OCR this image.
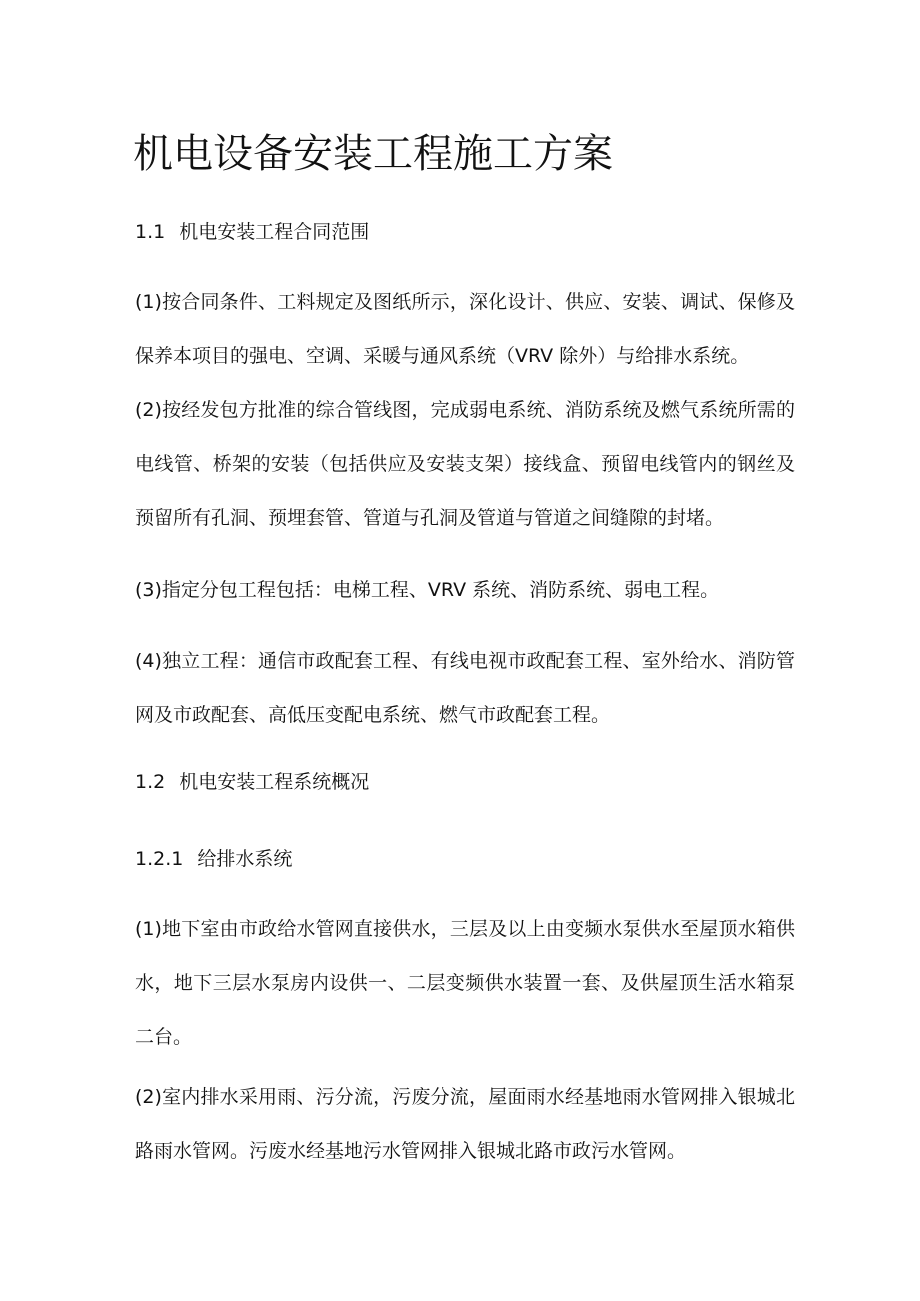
机电设备安装工程施工方案
1.1 机电安装工程合同范围

(1)按合同条件、工料规定及图纸所示，深化设计、供应、安装、调试、保修及保养本项目的强电、空调、采暖与通风系统（VRV 除外）与给排水系统。

(2)按经发包方批准的综合管线图，完成弱电系统、消防系统及燃气系统所需的电线管、桥架的安装（包括供应及安装支架）接线盒、预留电线管内的钢丝及预留所有孔洞、预埋套管、管道与孔洞及管道与管道之间缝隙的封堵。

(3)指定分包工程包括：电梯工程、VRV 系统、消防系统、弱电工程。

(4)独立工程：通信市政配套工程、有线电视市政配套工程、室外给水、消防管网及市政配套、高低压变配电系统、燃气市政配套工程。

1.2 机电安装工程系统概况
1.2.1 给排水系统

(1)地下室由市政给水管网直接供水，三层及以上由变频水泵供水至屋顶水箱供水，地下三层水泵房内设供一、二层变频供水装置一套、及供屋顶生活水箱泵二台。

(2)室内排水采用雨、污分流，污废分流，屋面雨水经基地雨水管网排入银城北路雨水管网。污废水经基地污水管网排入银城北路市政污水管网。
